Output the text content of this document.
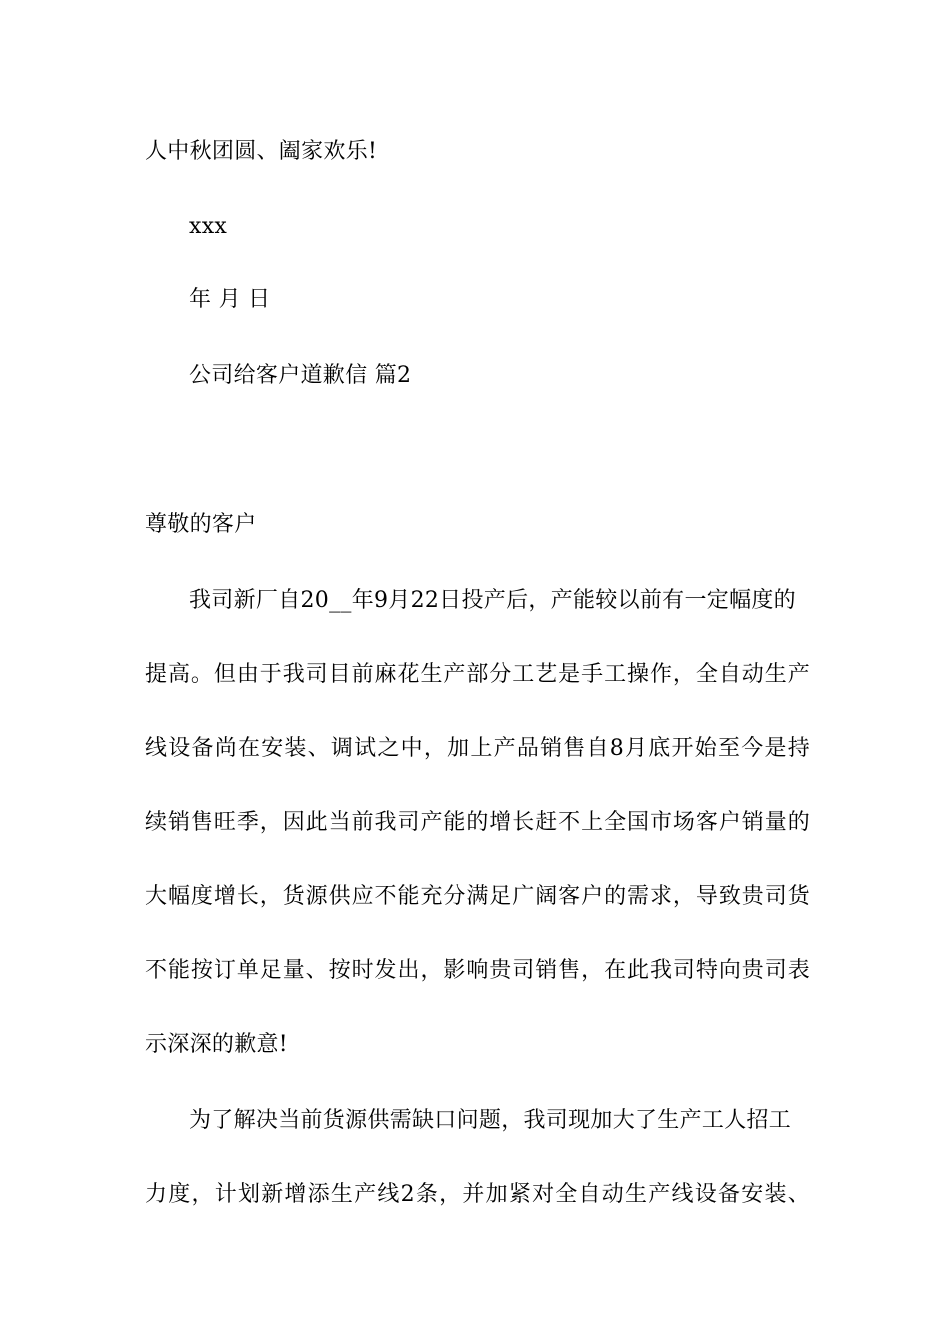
人中秋团圆、阖家欢乐!
xxx
年 月 日
公司给客户道歉信 篇2
尊敬的客户
我司新厂自20__年9月22日投产后，产能较以前有一定幅度的
提高。但由于我司目前麻花生产部分工艺是手工操作，全自动生产
线设备尚在安装、调试之中，加上产品销售自8月底开始至今是持
续销售旺季，因此当前我司产能的增长赶不上全国市场客户销量的
大幅度增长，货源供应不能充分满足广阔客户的需求，导致贵司货
不能按订单足量、按时发出，影响贵司销售，在此我司特向贵司表
示深深的歉意!
为了解决当前货源供需缺口问题，我司现加大了生产工人招工
力度，计划新增添生产线2条，并加紧对全自动生产线设备安装、
